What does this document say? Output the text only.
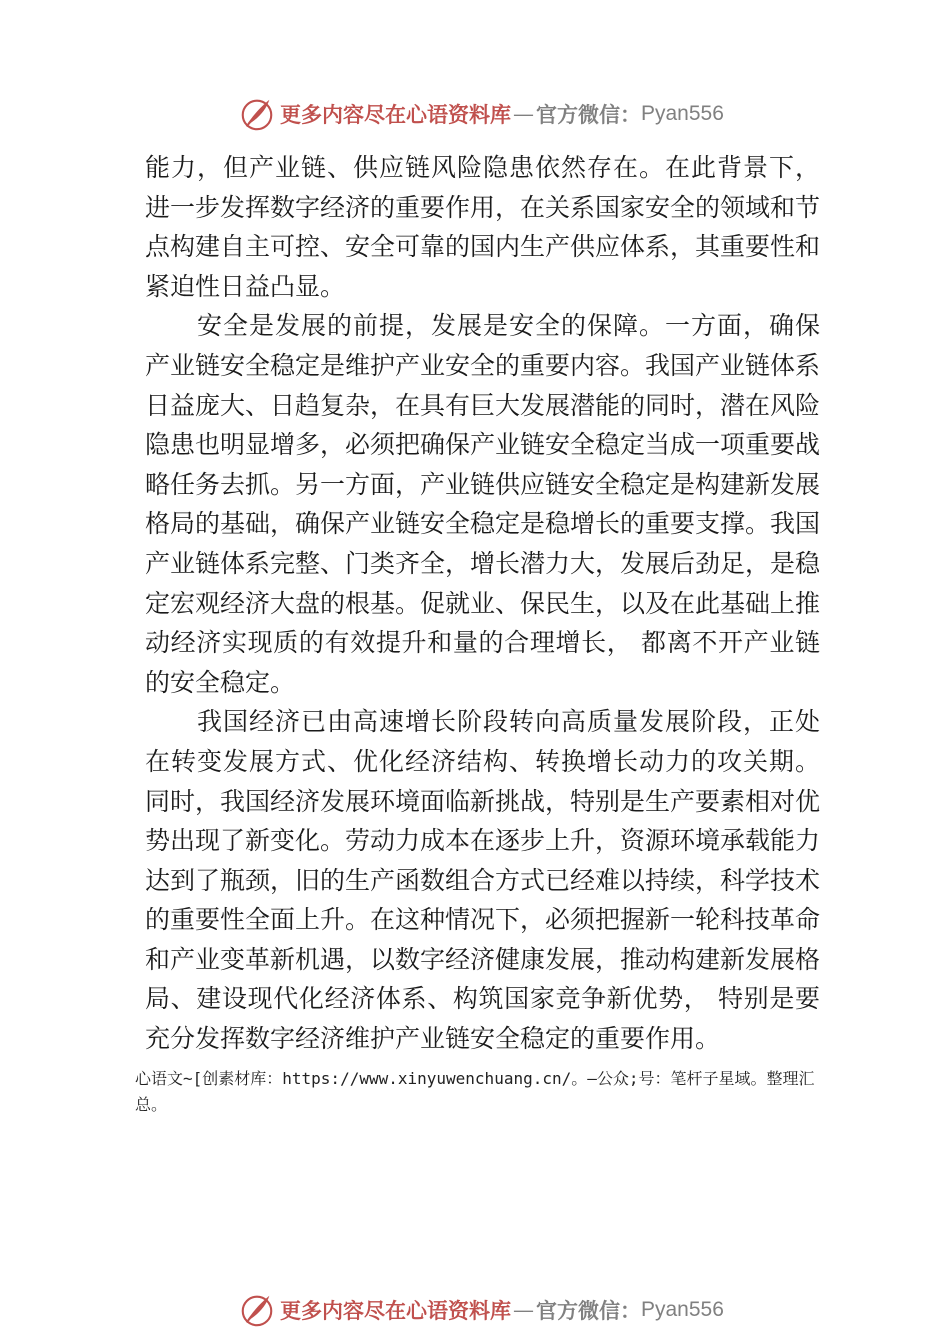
更多内容尽在心语资料库 — 官方微信： Pyan556

能力，但产业链、供应链风险隐患依然存在。在此背景下， 进一步发挥数字经济的重要作用，在关系国家安全的领域和节点构建自主可控、安全可靠的国内生产供应体系，其重要性和紧迫性日益凸显。

安全是发展的前提，发展是安全的保障。一方面，确保产业链安全稳定是维护产业安全的重要内容。我国产业链体系日益庞大、日趋复杂，在具有巨大发展潜能的同时，潜在风险隐患也明显增多，必须把确保产业链安全稳定当成一项重要战略任务去抓。另一方面，产业链供应链安全稳定是构建新发展格局的基础，确保产业链安全稳定是稳增长的重要支撑。我国产业链体系完整、门类齐全，增长潜力大，发展后劲足，是稳定宏观经济大盘的根基。促就业、保民生，以及在此基础上推动经济实现质的有效提升和量的合理增长， 都离不开产业链的安全稳定。

我国经济已由高速增长阶段转向高质量发展阶段，正处在转变发展方式、优化经济结构、转换增长动力的攻关期。 同时，我国经济发展环境面临新挑战，特别是生产要素相对优势出现了新变化。劳动力成本在逐步上升，资源环境承载能力达到了瓶颈，旧的生产函数组合方式已经难以持续，科学技术的重要性全面上升。在这种情况下，必须把握新一轮科技革命和产业变革新机遇，以数字经济健康发展，推动构建新发展格局、建设现代化经济体系、构筑国家竞争新优势， 特别是要充分发挥数字经济维护产业链安全稳定的重要作用。

心语文~[创素材库：https://www.xinyuwenchuang.cn/。—公众;号：笔杆子星域。整理汇总。
更多内容尽在心语资料库 — 官方微信： Pyan556
